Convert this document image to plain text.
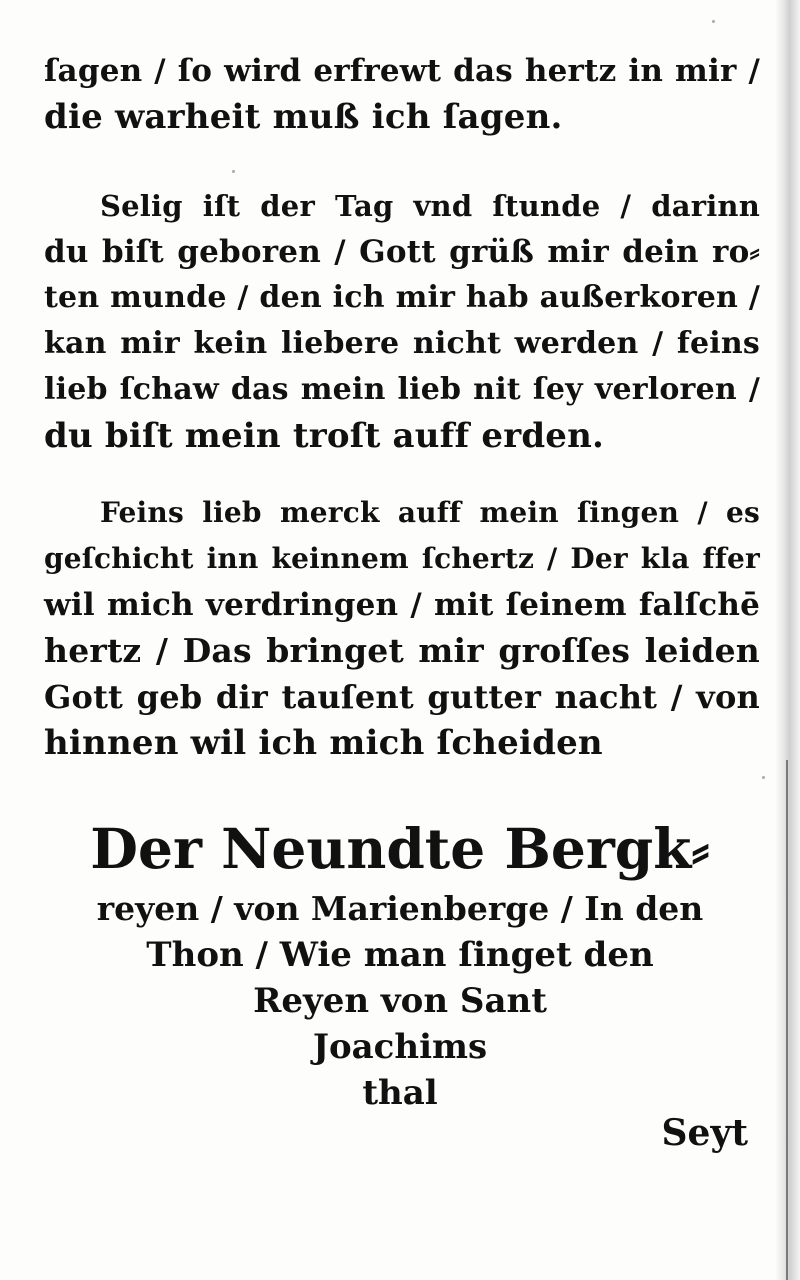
ſagen / ſo wird erfrewt das hertz in mir /
die warheit muß ich ſagen.
Selig iſt der Tag vnd ſtunde / darinn
du biſt geboren / Gott grüß mir dein ro⸗
ten munde / den ich mir hab außerkoren /
kan mir kein liebere nicht werden / feins
lieb ſchaw das mein lieb nit ſey verloren /
du biſt mein troſt auff erden.
Feins lieb merck auff mein ſingen / es
geſchicht inn keinnem ſchertz / Der kla ffer
wil mich verdringen / mit ſeinem falſchē
hertz / Das bringet mir groſſes leiden
Gott geb dir tauſent gutter nacht / von
hinnen wil ich mich ſcheiden
Der Neundte Bergk⸗
reyen / von Marienberge / In den
Thon / Wie man ſinget den
Reyen von Sant
Joachims
thal
Seyt
